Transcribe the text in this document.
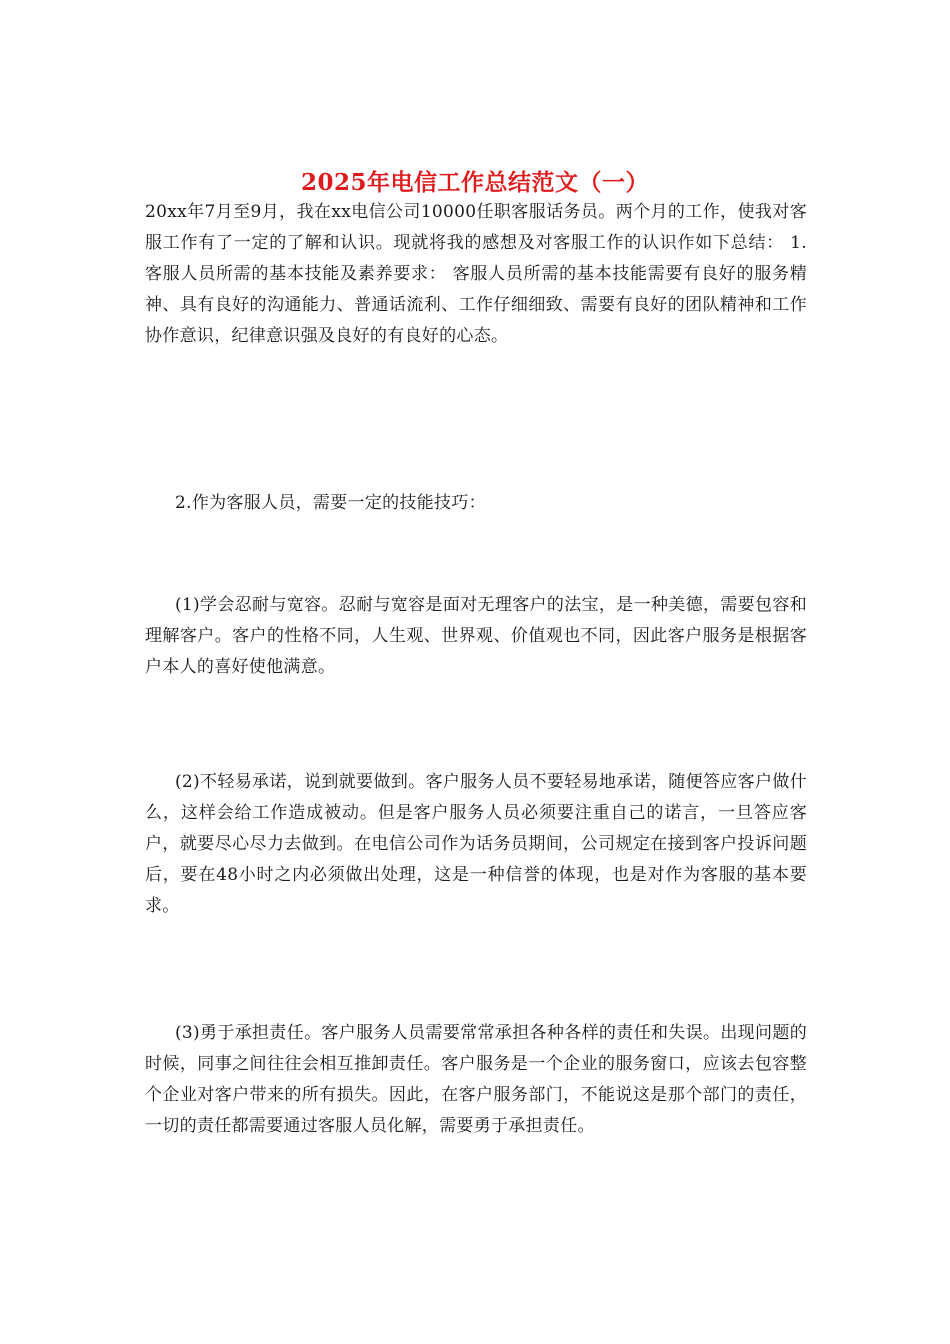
2025年电信工作总结范文（一）

20xx年7月至9月，我在xx电信公司10000任职客服话务员。两个月的工作，使我对客服工作有了一定的了解和认识。现就将我的感想及对客服工作的认识作如下总结： 1.客服人员所需的基本技能及素养要求： 客服人员所需的基本技能需要有良好的服务精神、具有良好的沟通能力、普通话流利、工作仔细细致、需要有良好的团队精神和工作协作意识，纪律意识强及良好的有良好的心态。

2.作为客服人员，需要一定的技能技巧：

(1)学会忍耐与宽容。忍耐与宽容是面对无理客户的法宝，是一种美德，需要包容和理解客户。客户的性格不同，人生观、世界观、价值观也不同，因此客户服务是根据客户本人的喜好使他满意。

(2)不轻易承诺，说到就要做到。客户服务人员不要轻易地承诺，随便答应客户做什么，这样会给工作造成被动。但是客户服务人员必须要注重自己的诺言，一旦答应客户，就要尽心尽力去做到。在电信公司作为话务员期间，公司规定在接到客户投诉问题后，要在48小时之内必须做出处理，这是一种信誉的体现，也是对作为客服的基本要求。

(3)勇于承担责任。客户服务人员需要常常承担各种各样的责任和失误。出现问题的时候，同事之间往往会相互推卸责任。客户服务是一个企业的服务窗口，应该去包容整个企业对客户带来的所有损失。因此，在客户服务部门，不能说这是那个部门的责任，一切的责任都需要通过客服人员化解，需要勇于承担责任。
